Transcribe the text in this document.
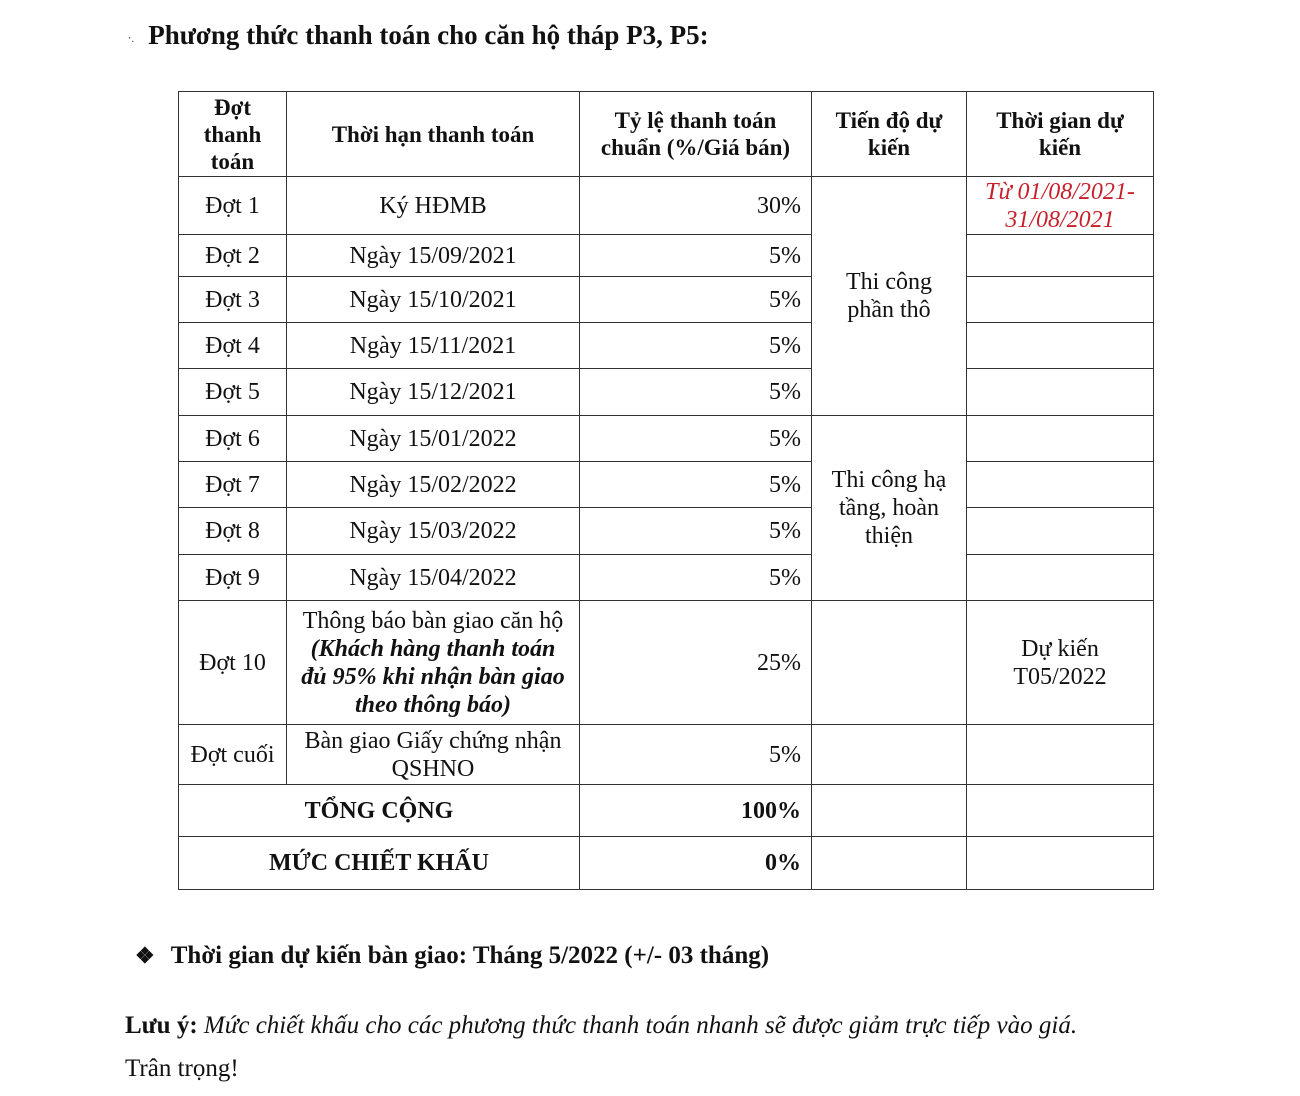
⸱. Phương thức thanh toán cho căn hộ tháp P3, P5:
Đợt thanh toán	Thời hạn thanh toán	Tỷ lệ thanh toán chuẩn (%/Giá bán)	Tiến độ dự kiến	Thời gian dự kiến
Đợt 1	Ký HĐMB	30%	Thi công phần thô	Từ 01/08/2021-31/08/2021
Đợt 2	Ngày 15/09/2021	5%		
Đợt 3	Ngày 15/10/2021	5%		
Đợt 4	Ngày 15/11/2021	5%		
Đợt 5	Ngày 15/12/2021	5%		
Đợt 6	Ngày 15/01/2022	5%	Thi công hạ tầng, hoàn thiện	
Đợt 7	Ngày 15/02/2022	5%		
Đợt 8	Ngày 15/03/2022	5%		
Đợt 9	Ngày 15/04/2022	5%		
Đợt 10	Thông báo bàn giao căn hộ (Khách hàng thanh toán đủ 95% khi nhận bàn giao theo thông báo)	25%		Dự kiến T05/2022
Đợt cuối	Bàn giao Giấy chứng nhận QSHNO	5%		
TỔNG CỘNG		100%		
MỨC CHIẾT KHẤU		0%		
❖ Thời gian dự kiến bàn giao: Tháng 5/2022 (+/- 03 tháng)
Lưu ý: Mức chiết khấu cho các phương thức thanh toán nhanh sẽ được giảm trực tiếp vào giá.
Trân trọng!
